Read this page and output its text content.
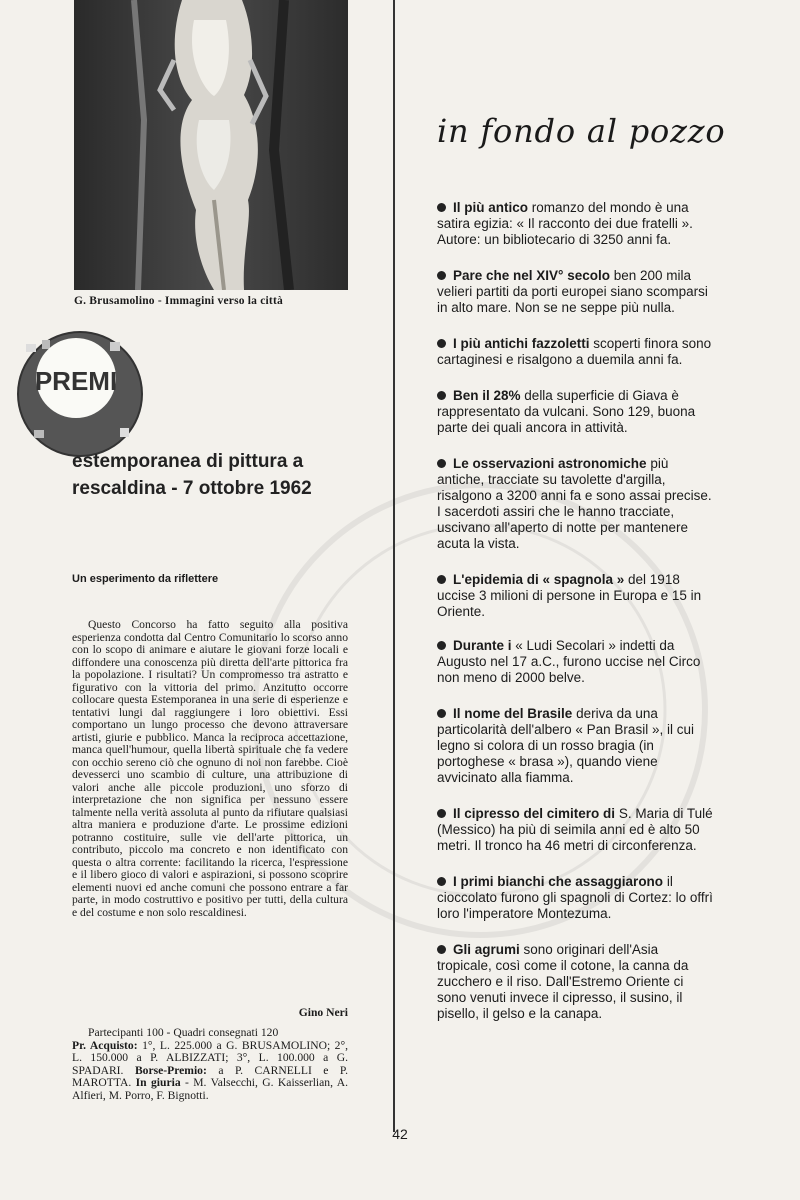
G. Brusamolino - Immagini verso la città
PREMI
estemporanea di pittura a
rescaldina - 7 ottobre 1962
Un esperimento da riflettere

Questo Concorso ha fatto seguito alla positiva esperienza condotta dal Centro Comunitario lo scorso anno con lo scopo di animare e aiutare le giovani forze locali e diffondere una conoscenza più diretta dell'arte pittorica fra la popolazione. I risultati? Un compromesso tra astratto e figurativo con la vittoria del primo. Anzitutto occorre collocare questa Estemporanea in una serie di esperienze e tentativi lungi dal raggiungere i loro obiettivi. Essi comportano un lungo processo che devono attraversare artisti, giurie e pubblico. Manca la reciproca accettazione, manca quell'humour, quella libertà spirituale che fa vedere con occhio sereno ciò che ognuno di noi non farebbe. Cioè devesserci uno scambio di culture, una attribuzione di valori anche alle piccole produzioni, uno sforzo di interpretazione che non significa per nessuno essere talmente nella verità assoluta al punto da rifiutare qualsiasi altra maniera e produzione d'arte. Le prossime edizioni potranno costituire, sulle vie dell'arte pittorica, un contributo, piccolo ma concreto e non identificato con questa o altra corrente: facilitando la ricerca, l'espressione e il libero gioco di valori e aspirazioni, si possono scoprire elementi nuovi ed anche comuni che possono entrare a far parte, in modo costruttivo e positivo per tutti, della cultura e del costume e non solo rescaldinesi.

Gino Neri

Partecipanti 100 - Quadri consegnati 120
Pr. Acquisto: 1°, L. 225.000 a G. BRUSAMOLINO; 2°, L. 150.000 a P. ALBIZZATI; 3°, L. 100.000 a G. SPADARI. Borse-Premio: a P. CARNELLI e P. MAROTTA. In giuria - M. Valsecchi, G. Kaisserlian, A. Alfieri, M. Porro, F. Bignotti.

in fondo al pozzo

Il più antico romanzo del mondo è una satira egizia: « Il racconto dei due fratelli ». Autore: un bibliotecario di 3250 anni fa.

Pare che nel XIV° secolo ben 200 mila velieri partiti da porti europei siano scomparsi in alto mare. Non se ne seppe più nulla.

I più antichi fazzoletti scoperti finora sono cartaginesi e risalgono a duemila anni fa.

Ben il 28% della superficie di Giava è rappresentato da vulcani. Sono 129, buona parte dei quali ancora in attività.

Le osservazioni astronomiche più antiche, tracciate su tavolette d'argilla, risalgono a 3200 anni fa e sono assai precise. I sacerdoti assiri che le hanno tracciate, uscivano all'aperto di notte per mantenere acuta la vista.

L'epidemia di « spagnola » del 1918 uccise 3 milioni di persone in Europa e 15 in Oriente.

Durante i « Ludi Secolari » indetti da Augusto nel 17 a.C., furono uccise nel Circo non meno di 2000 belve.

Il nome del Brasile deriva da una particolarità dell'albero « Pan Brasil », il cui legno si colora di un rosso bragia (in portoghese « brasa »), quando viene avvicinato alla fiamma.

Il cipresso del cimitero di S. Maria di Tulé (Messico) ha più di seimila anni ed è alto 50 metri. Il tronco ha 46 metri di circonferenza.

I primi bianchi che assaggiarono il cioccolato furono gli spagnoli di Cortez: lo offrì loro l'imperatore Montezuma.

Gli agrumi sono originari dell'Asia tropicale, così come il cotone, la canna da zucchero e il riso. Dall'Estremo Oriente ci sono venuti invece il cipresso, il susino, il pisello, il gelso e la canapa.

42
